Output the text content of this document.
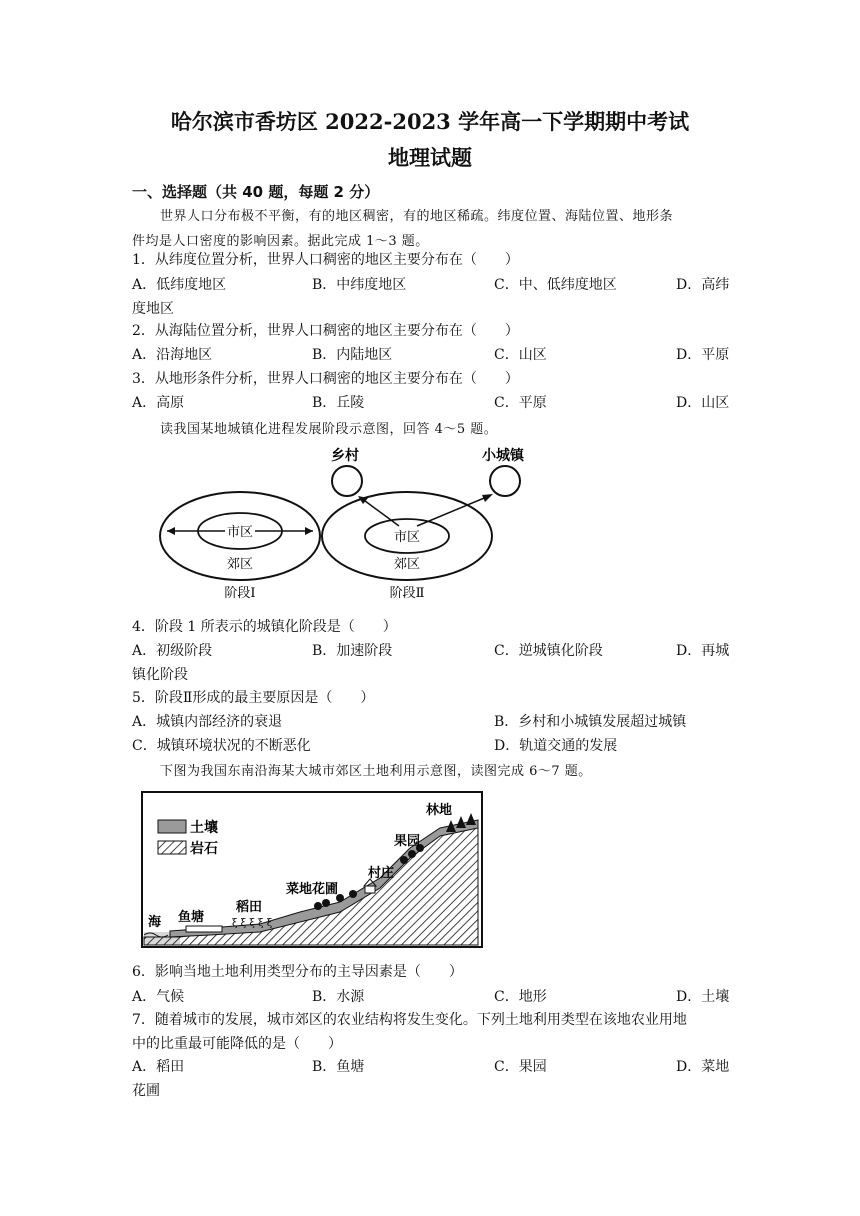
哈尔滨市香坊区 2022-2023 学年高一下学期期中考试
地理试题
一、选择题（共 40 题，每题 2 分）
世界人口分布极不平衡，有的地区稠密，有的地区稀疏。纬度位置、海陆位置、地形条
件均是人口密度的影响因素。据此完成 1～3 题。
1．从纬度位置分析，世界人口稠密的地区主要分布在（　　）
A．低纬度地区	B．中纬度地区	C．中、低纬度地区	D．高纬
度地区
2．从海陆位置分析，世界人口稠密的地区主要分布在（　　）
A．沿海地区	B．内陆地区	C．山区	D．平原
3．从地形条件分析，世界人口稠密的地区主要分布在（　　）
A．高原	B．丘陵	C．平原	D．山区
读我国某地城镇化进程发展阶段示意图，回答 4～5 题。
市区
郊区
阶段Ⅰ
市区
郊区
阶段Ⅱ
乡村	小城镇
4．阶段 1 所表示的城镇化阶段是（　　）
A．初级阶段	B．加速阶段	C．逆城镇化阶段	D．再城
镇化阶段
5．阶段Ⅱ形成的最主要原因是（　　）
A．城镇内部经济的衰退	B．乡村和小城镇发展超过城镇
C．城镇环境状况的不断恶化	D．轨道交通的发展
下图为我国东南沿海某大城市郊区土地利用示意图，读图完成 6～7 题。
土壤
岩石
ξ ξ ξ ξ ξ
海 鱼塘
稻田
菜地花圃
村庄
果园
林地
6．影响当地土地利用类型分布的主导因素是（　　）
A．气候	B．水源	C．地形	D．土壤
7．随着城市的发展，城市郊区的农业结构将发生变化。下列土地利用类型在该地农业用地
中的比重最可能降低的是（　　）
A．稻田	B．鱼塘	C．果园	D．菜地
花圃
